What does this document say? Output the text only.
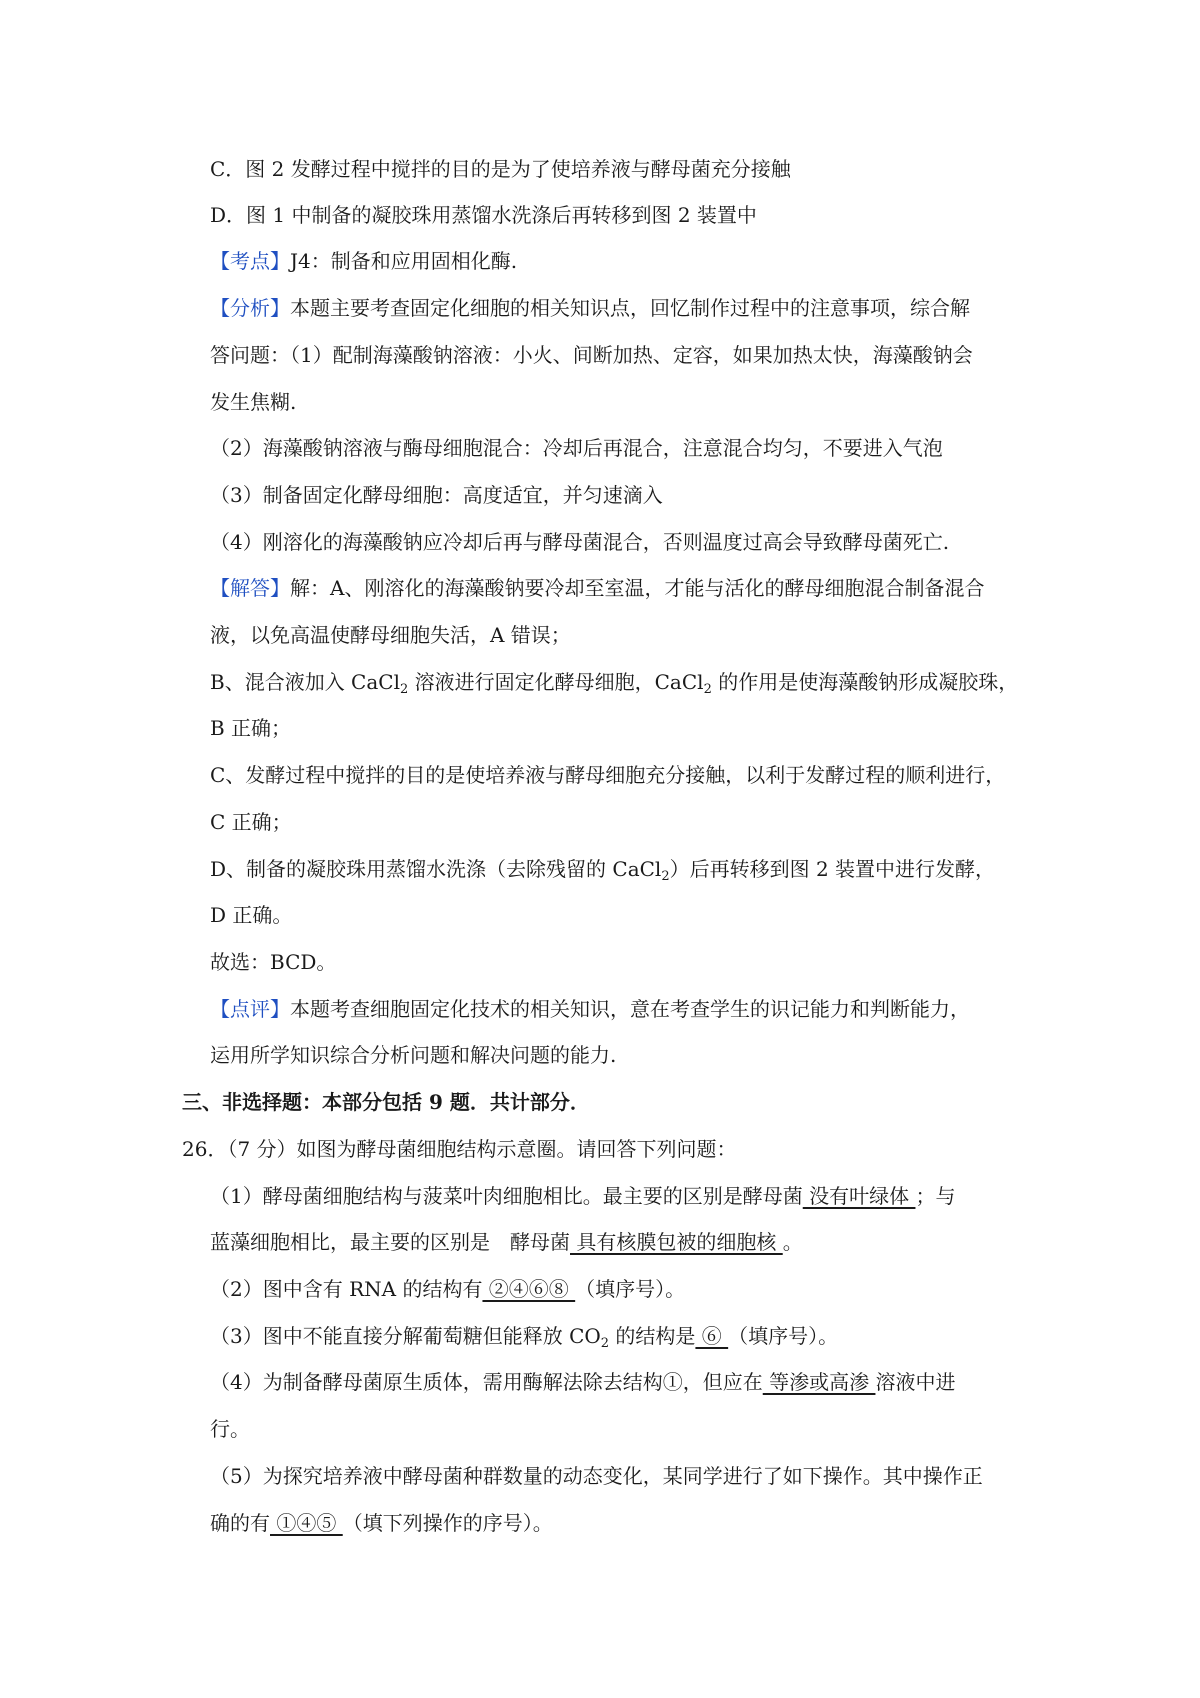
C．图 2 发酵过程中搅拌的目的是为了使培养液与酵母菌充分接触
D．图 1 中制备的凝胶珠用蒸馏水洗涤后再转移到图 2 装置中
【考点】J4：制备和应用固相化酶.
【分析】本题主要考查固定化细胞的相关知识点，回忆制作过程中的注意事项，综合解
答问题：（1）配制海藻酸钠溶液：小火、间断加热、定容，如果加热太快，海藻酸钠会
发生焦糊.
（2）海藻酸钠溶液与酶母细胞混合：冷却后再混合，注意混合均匀，不要进入气泡
（3）制备固定化酵母细胞：高度适宜，并匀速滴入
（4）刚溶化的海藻酸钠应冷却后再与酵母菌混合，否则温度过高会导致酵母菌死亡.
【解答】解：A、刚溶化的海藻酸钠要冷却至室温，才能与活化的酵母细胞混合制备混合
液，以免高温使酵母细胞失活，A 错误；
B、混合液加入 CaCl$_2$ 溶液进行固定化酵母细胞，CaCl$_2$ 的作用是使海藻酸钠形成凝胶珠，
B 正确；
C、发酵过程中搅拌的目的是使培养液与酵母细胞充分接触，以利于发酵过程的顺利进行，
C 正确；
D、制备的凝胶珠用蒸馏水洗涤（去除残留的 CaCl$_2$）后再转移到图 2 装置中进行发酵，
D 正确。
故选：BCD。
【点评】本题考查细胞固定化技术的相关知识，意在考查学生的识记能力和判断能力，
运用所学知识综合分析问题和解决问题的能力.
三、非选择题：本部分包括 9 题．共计部分．
26．（7 分）如图为酵母菌细胞结构示意圈。请回答下列问题：
（1）酵母菌细胞结构与菠菜叶肉细胞相比。最主要的区别是酵母菌 没有叶绿体 ；与
蓝藻细胞相比，最主要的区别是　酵母菌 具有核膜包被的细胞核 。
（2）图中含有 RNA 的结构有 ②④⑥⑧ （填序号）。
（3）图中不能直接分解葡萄糖但能释放 $CO_2$ 的结构是 ⑥ （填序号）。
（4）为制备酵母菌原生质体，需用酶解法除去结构①，但应在 等渗或高渗 溶液中进
行。
（5）为探究培养液中酵母菌种群数量的动态变化，某同学进行了如下操作。其中操作正
确的有 ①④⑤ （填下列操作的序号）。
